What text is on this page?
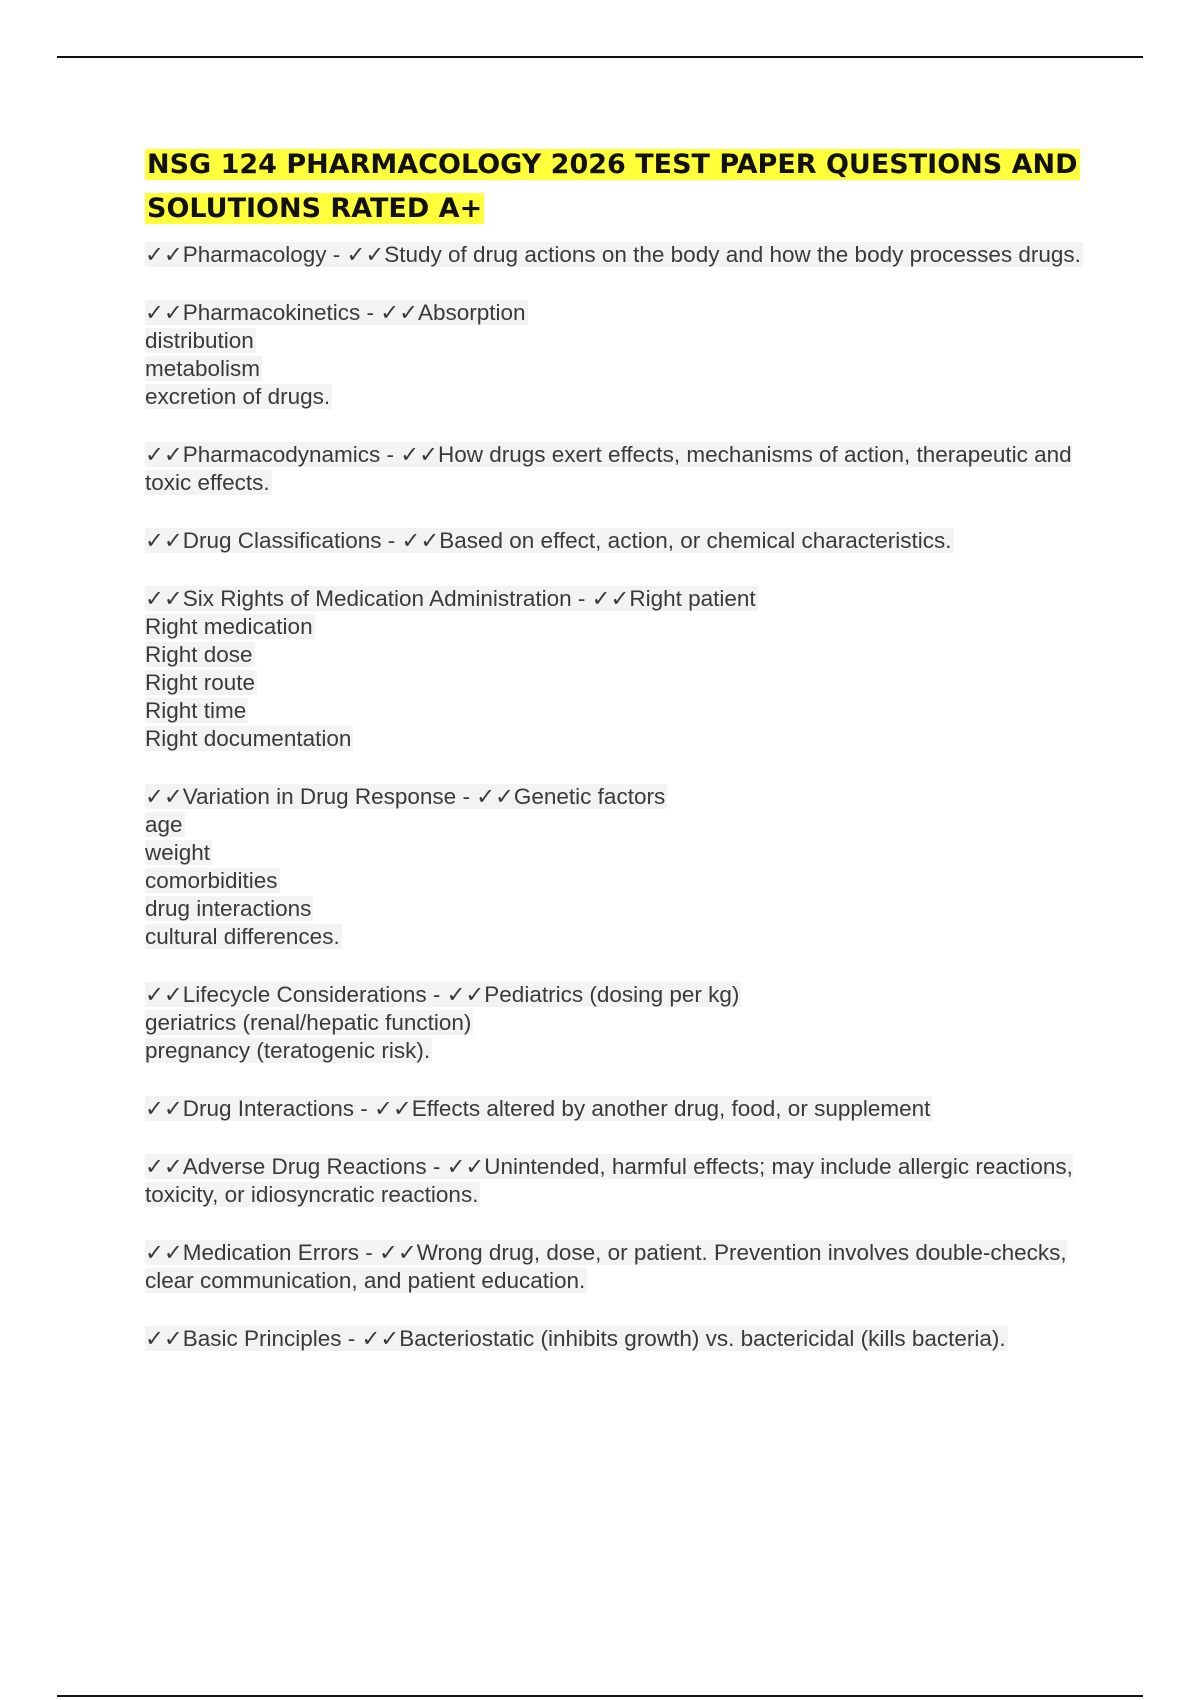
NSG 124 PHARMACOLOGY 2026 TEST PAPER QUESTIONS AND SOLUTIONS RATED A+
✓✓Pharmacology - ✓✓Study of drug actions on the body and how the body processes drugs.
✓✓Pharmacokinetics - ✓✓Absorption
distribution
metabolism
excretion of drugs.
✓✓Pharmacodynamics - ✓✓How drugs exert effects, mechanisms of action, therapeutic and toxic effects.
✓✓Drug Classifications - ✓✓Based on effect, action, or chemical characteristics.
✓✓Six Rights of Medication Administration - ✓✓Right patient
Right medication
Right dose
Right route
Right time
Right documentation
✓✓Variation in Drug Response - ✓✓Genetic factors
age
weight
comorbidities
drug interactions
cultural differences.
✓✓Lifecycle Considerations - ✓✓Pediatrics (dosing per kg)
geriatrics (renal/hepatic function)
pregnancy (teratogenic risk).
✓✓Drug Interactions - ✓✓Effects altered by another drug, food, or supplement
✓✓Adverse Drug Reactions - ✓✓Unintended, harmful effects; may include allergic reactions, toxicity, or idiosyncratic reactions.
✓✓Medication Errors - ✓✓Wrong drug, dose, or patient. Prevention involves double-checks, clear communication, and patient education.
✓✓Basic Principles - ✓✓Bacteriostatic (inhibits growth) vs. bactericidal (kills bacteria).
